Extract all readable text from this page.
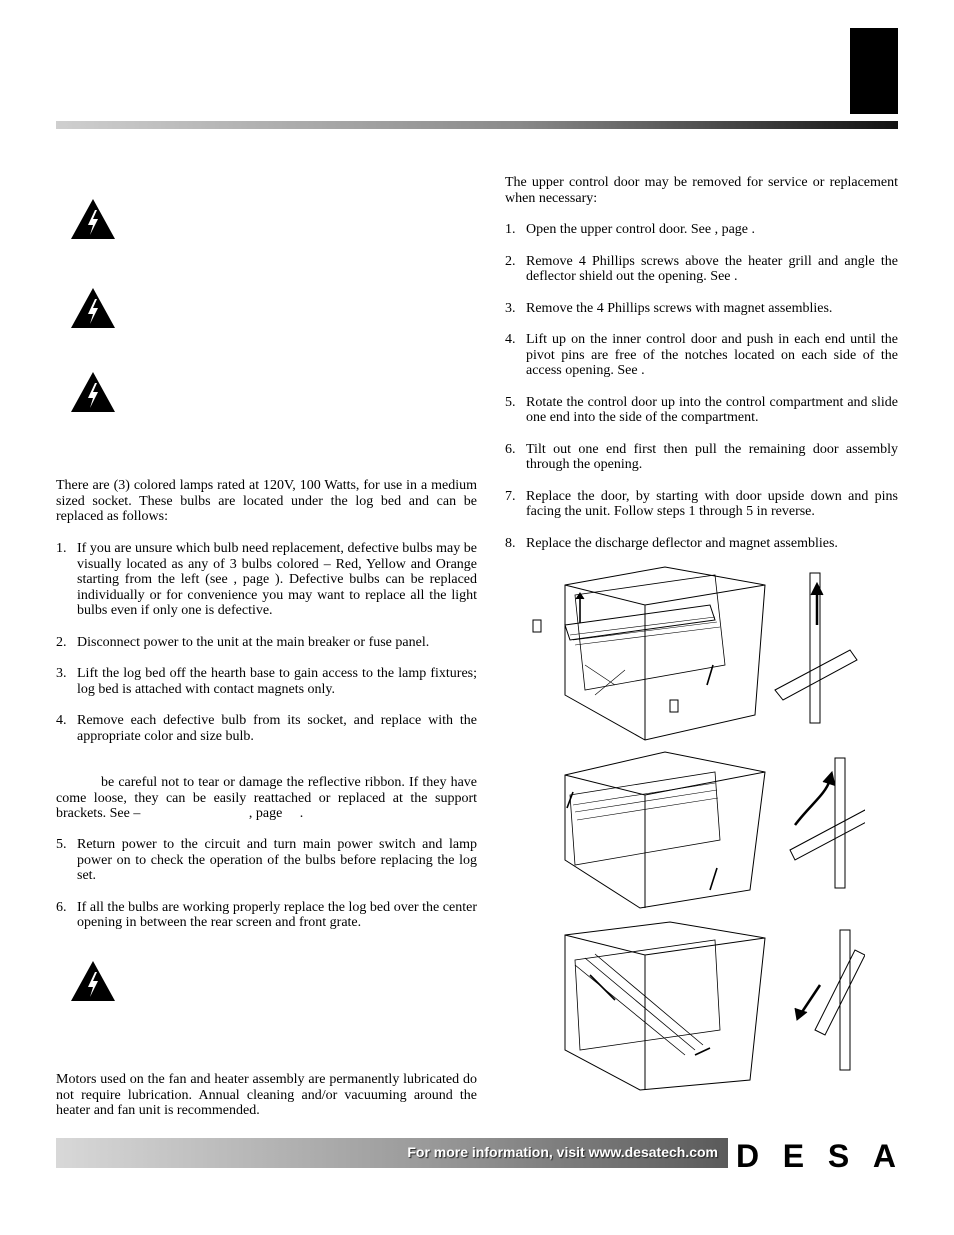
There are (3) colored lamps rated at 120V, 100 Watts, for use in a medium sized socket. These bulbs are located under the log bed and can be replaced as follows:

1. If you are unsure which bulb need replacement, defective bulbs may be visually located as any of 3 bulbs colored – Red, Yellow and Orange starting from the left (see , page ). Defective bulbs can be replaced individually or for convenience you may want to replace all the light bulbs even if only one is defective.
2. Disconnect power to the unit at the main breaker or fuse panel.
3. Lift the log bed off the hearth base to gain access to the lamp fixtures; log bed is attached with contact magnets only.
4. Remove each defective bulb from its socket, and replace with the appropriate color and size bulb.

be careful not to tear or damage the reflective ribbon. If they have come loose, they can be easily reattached or replaced at the support brackets. See –                               , page     .

5. Return power to the circuit and turn main power switch and lamp power on to check the operation of the bulbs before replacing the log set.
6. If all the bulbs are working properly replace the log bed over the center opening in between the rear screen and front grate.

Motors used on the fan and heater assembly are permanently lubricated do not require lubrication. Annual cleaning and/or vacuuming around the heater and fan unit is recommended.

The upper control door may be removed for service or replacement when necessary:

1. Open the upper control door. See , page .
2. Remove 4 Phillips screws above the heater grill and angle the deflector shield out the opening. See .
3. Remove the 4 Phillips screws with magnet assemblies.
4. Lift up on the inner control door and push in each end until the pivot pins are free of the notches located on each side of the access opening. See .
5. Rotate the control door up into the control compartment and slide one end into the side of the compartment.
6. Tilt out one end first then pull the remaining door assembly through the opening.
7. Replace the door, by starting with door upside down and pins facing the unit. Follow steps 1 through 5 in reverse.
8. Replace the discharge deflector and magnet assemblies.
For more information, visit www.desatech.com DESA
